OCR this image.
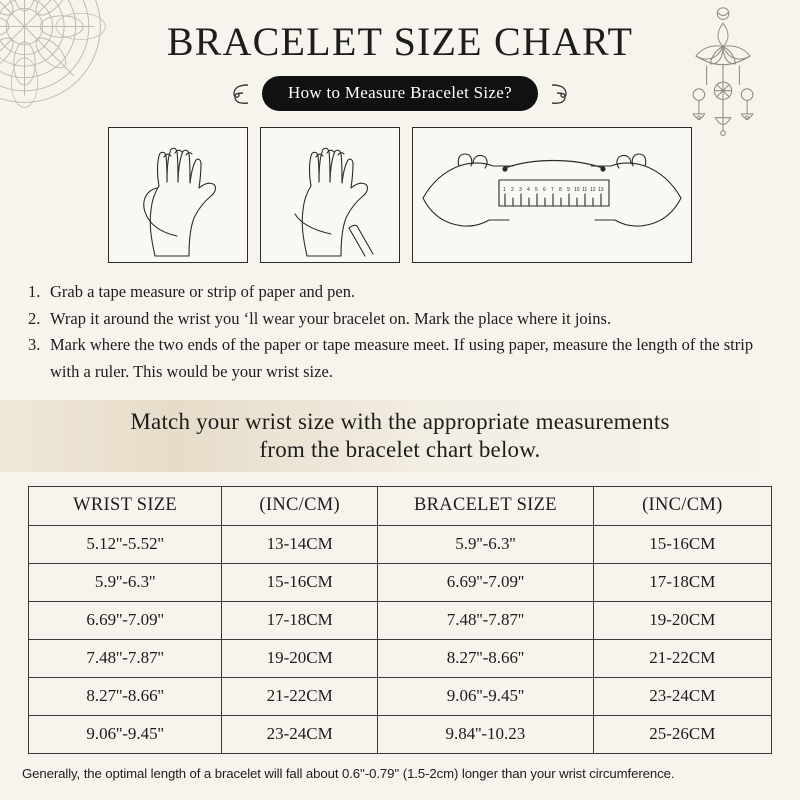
BRACELET SIZE CHART
How to Measure Bracelet Size?
1 2 3 4 5 6 7 8 9 10 11 12 13
1. Grab a tape measure or strip of paper and pen.
2. Wrap it around the wrist you ‘ll wear your bracelet on. Mark the place where it joins.
3. Mark where the two ends of the paper or tape measure meet. If using paper, measure the length of the strip with a ruler. This would be your wrist size.
Match your wrist size with the appropriate measurements
from the bracelet chart below.
WRIST SIZE	(INC/CM)	BRACELET SIZE	(INC/CM)
5.12''-5.52''	13-14CM	5.9''-6.3''	15-16CM
5.9''-6.3''	15-16CM	6.69''-7.09''	17-18CM
6.69''-7.09''	17-18CM	7.48''-7.87''	19-20CM
7.48''-7.87''	19-20CM	8.27''-8.66''	21-22CM
8.27''-8.66''	21-22CM	9.06''-9.45''	23-24CM
9.06''-9.45''	23-24CM	9.84''-10.23	25-26CM
Generally, the optimal length of a bracelet will fall about 0.6''-0.79'' (1.5-2cm) longer than your wrist circumference.
